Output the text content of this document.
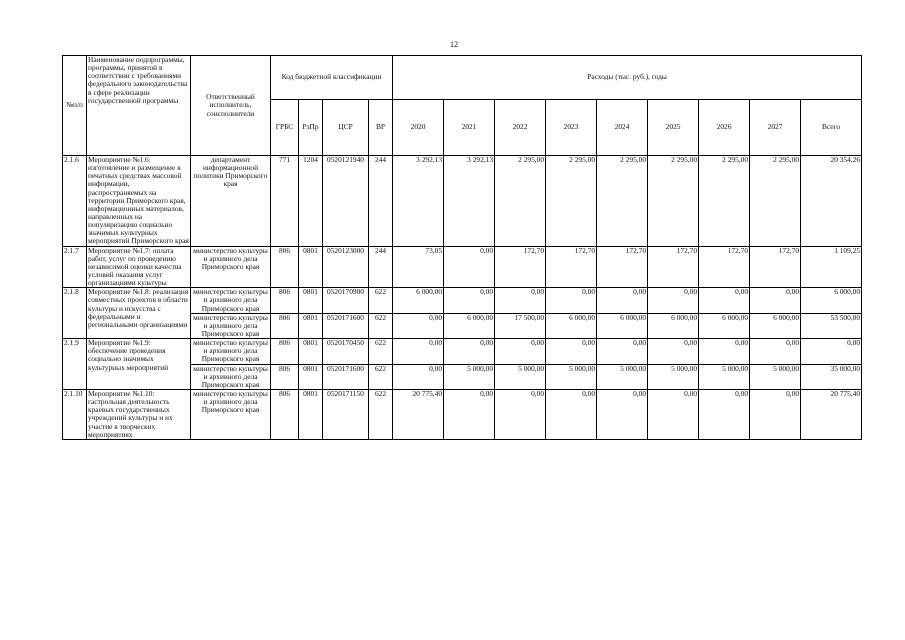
12
№п/п	Наименование подпрограммы, программы, принятой в соответствии с требованиями федерального законодательства в сфере реализации государственной программы	Ответственный исполнитель, соисполнители	Код бюджетной классификации				Расходы (тыс. руб.), годы								
			ГРБС	РзПр	ЦСР	ВР	2020	2021	2022	2023	2024	2025	2026	2027	Всего
2.1.6	Мероприятие №1.6: изготовление и размещение в печатных средствах массовой информации, распространяемых на территории Приморского края, информационных материалов, направленных на популяризацию социально значимых культурных мероприятий Приморского края	департамент информационной политики Приморского края	771	1204	0520121940	244	3 292,13	3 292,13	2 295,00	2 295,00	2 295,00	2 295,00	2 295,00	2 295,00	20 354,26
2.1.7	Мероприятие №1.7: оплата работ, услуг по проведению независимой оценки качества условий оказания услуг организациями культуры	министерство культуры и архивного дела Приморского края	806	0801	0520123000	244	73,05	0,00	172,70	172,70	172,70	172,70	172,70	172,70	1 109,25
2.1.8	Мероприятие №1.8: реализация совместных проектов в области культуры и искусства с федеральными и региональными организациями	министерство культуры и архивного дела Приморского края	806	0801	0520170900	622	6 000,00	0,00	0,00	0,00	0,00	0,00	0,00	0,00	6 000,00
		министерство культуры и архивного дела Приморского края	806	0801	0520171600	622	0,00	6 000,00	17 500,00	6 000,00	6 000,00	6 000,00	6 000,00	6 000,00	53 500,00
2.1.9	Мероприятие №1.9: обеспечение проведения социально значимых культурных мероприятий	министерство культуры и архивного дела Приморского края	806	0801	0520170450	622	0,00	0,00	0,00	0,00	0,00	0,00	0,00	0,00	0,00
		министерство культуры и архивного дела Приморского края	806	0801	0520171600	622	0,00	5 000,00	5 000,00	5 000,00	5 000,00	5 000,00	5 000,00	5 000,00	35 000,00
2.1.10	Мероприятие №1.10: гастрольная деятельность краевых государственных учреждений культуры и их участие в творческих мероприятиях	министерство культуры и архивного дела Приморского края	806	0801	0520171150	622	20 775,40	0,00	0,00	0,00	0,00	0,00	0,00	0,00	20 775,40
